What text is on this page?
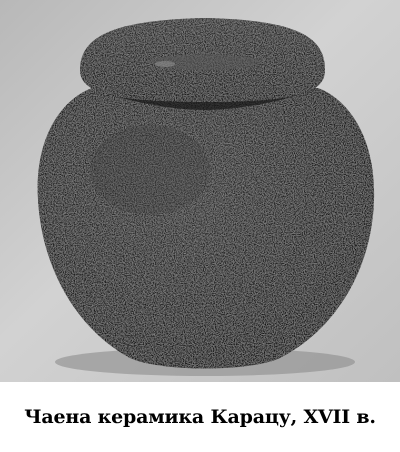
Чаена керамика Карацу, XVII в.
